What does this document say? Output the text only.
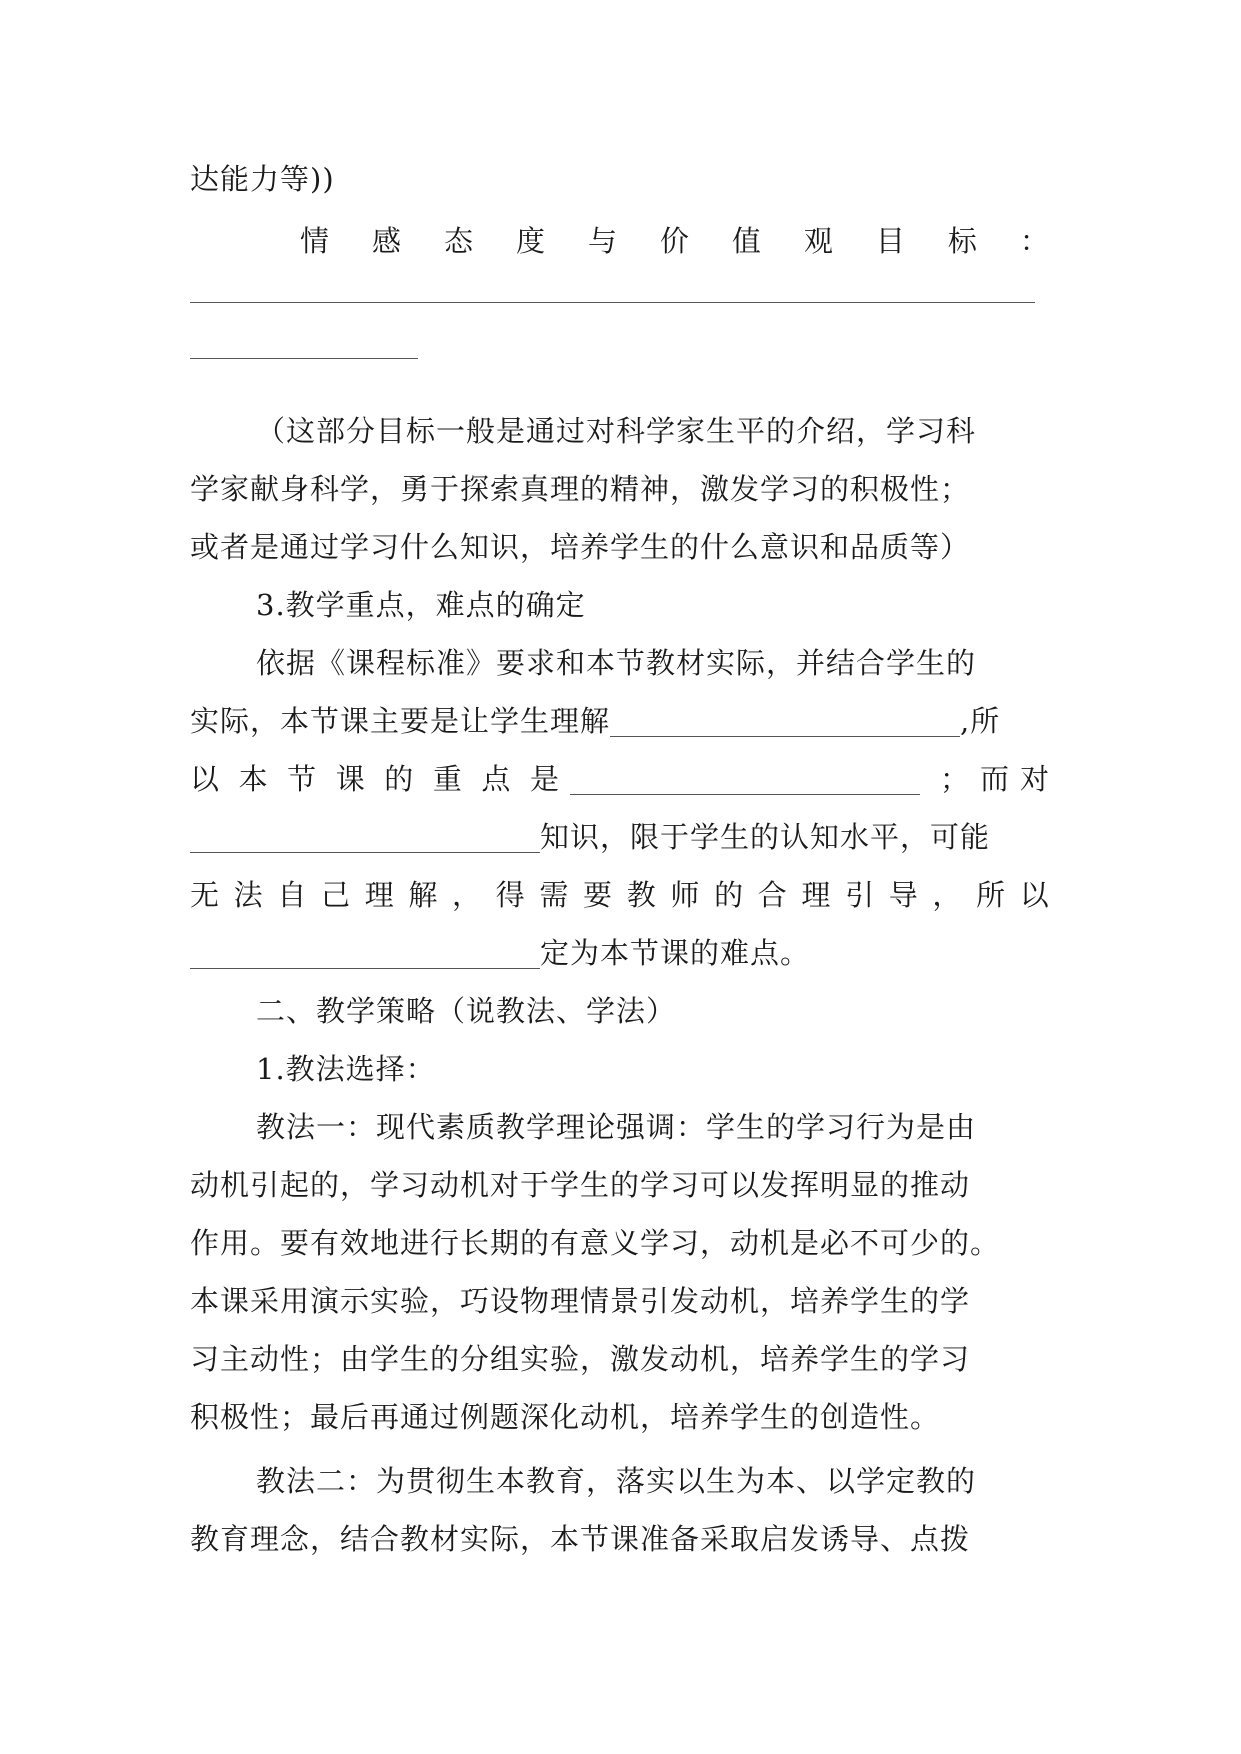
达能力等))
情 感 态 度 与 价 值 观 目 标 ：
（这部分目标一般是通过对科学家生平的介绍，学习科
学家献身科学，勇于探索真理的精神，激发学习的积极性；
或者是通过学习什么知识，培养学生的什么意识和品质等）
3.教学重点，难点的确定
依据《课程标准》要求和本节教材实际，并结合学生的
实际，本节课主要是让学生理解	,所
以 本 节 课 的 重 点 是	； 而 对
知识，限于学生的认知水平，可能
无 法 自 己 理 解 ， 得 需 要 教 师 的 合 理 引 导 ， 所 以
定为本节课的难点。
二、教学策略（说教法、学法）
1.教法选择：
教法一：现代素质教学理论强调：学生的学习行为是由
动机引起的，学习动机对于学生的学习可以发挥明显的推动
作用。要有效地进行长期的有意义学习，动机是必不可少的。
本课采用演示实验，巧设物理情景引发动机，培养学生的学
习主动性；由学生的分组实验，激发动机，培养学生的学习
积极性；最后再通过例题深化动机，培养学生的创造性。
教法二：为贯彻生本教育，落实以生为本、以学定教的
教育理念，结合教材实际，本节课准备采取启发诱导、点拨
